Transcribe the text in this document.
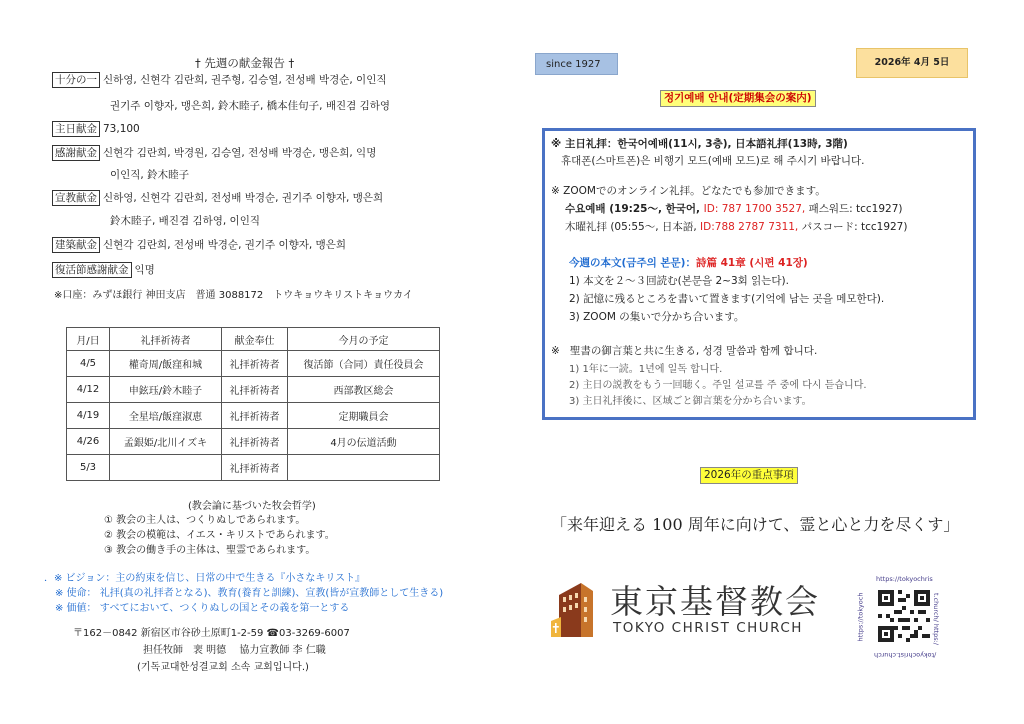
† 先週の献金報告 †
十分の一 신하영, 신현각 김란희, 권주형, 김승열, 전성배 박경순, 이인직
권기주 이향자, 맹은희, 鈴木睦子, 橋本佳句子, 배진겸 김하영
主日献金 73,100
感謝献金 신현각 김란희, 박경원, 김승열, 전성배 박경순, 맹은희, 익명
이인직, 鈴木睦子
宣教献金 신하영, 신현각 김란희, 전성배 박경순, 권기주 이향자, 맹은희
鈴木睦子, 배진겸 김하영, 이인직
建築献金 신현각 김란희, 전성배 박경순, 권기주 이향자, 맹은희
復活節感謝献金 익명
※口座：みずほ銀行 神田支店　普通 3088172　トウキョウキリストキョウカイ
月/日	礼拝祈祷者	献金奉仕	今月の予定
4/5	權奇周/飯窪和城	礼拝祈祷者	復活節（合同）責任役員会
4/12	申鉉珏/鈴木睦子	礼拝祈祷者	西部教区総会
4/19	全星培/飯窪淑恵	礼拝祈祷者	定期職員会
4/26	孟銀姫/北川イズキ	礼拝祈祷者	4月の伝道活動
5/3		礼拝祈祷者	
(教会論に基づいた牧会哲学)
① 教会の主人は、つくりぬしであられます。
② 教会の模範は、イエス・キリストであられます。
③ 教会の働き手の主体は、聖霊であられます。
．※ ビジョン：主の約束を信じ、日常の中で生きる『小さなキリスト』
※ 使命： 礼拝(真の礼拝者となる)、教育(養育と訓練)、宣教(皆が宣教師として生きる)
※ 価値： すべてにおいて、つくりぬしの国とその義を第一とする
〒162－0842 新宿区市谷砂土原町1-2-59 ☎03-3269-6007
担任牧師　裵 明德　 協力宣教師 李 仁職
(기독교대한성결교회 소속 교회입니다.)
since 1927	2026年 4月 5日
정기예배 안내(定期集会の案内)
※ 主日礼拝：한국어예배(11시, 3층), 日本語礼拝(13時, 3階)
휴대폰(스마트폰)은 비행기 모드(예배 모드)로 해 주시기 바랍니다.
※ ZOOMでのオンライン礼拝。どなたでも参加できます。
수요예배 (19:25～, 한국어, ID: 787 1700 3527, 패스워드: tcc1927)
木曜礼拝 (05:55～, 日本語, ID:788 2787 7311, パスコード: tcc1927)
今週の本文(금주의 본문)：詩篇 41章 (시편 41장)
1) 本文を２～３回読む(본문을 2~3회 읽는다).
2) 記憶に残るところを書いて置きます(기억에 남는 곳을 메모한다).
3) ZOOM の集いで分かち合います。
※ 聖書の御言葉と共に生きる, 성경 말씀과 함께 합니다.
1) 1年に一読。1년에 일독 합니다.
2) 主日の説教をもう一回聴く。주일 설교를 주 중에 다시 듣습니다.
3) 主日礼拝後に、区域ごと御言葉を分かち合います。
2026年の重点事項
「来年迎える 100 周年に向けて、霊と心と力を尽くす」
東京基督教会
TOKYO CHRIST CHURCH
https://tokyochris
t.church/ https:/
/tokyochrist.church
https://tokyoch
